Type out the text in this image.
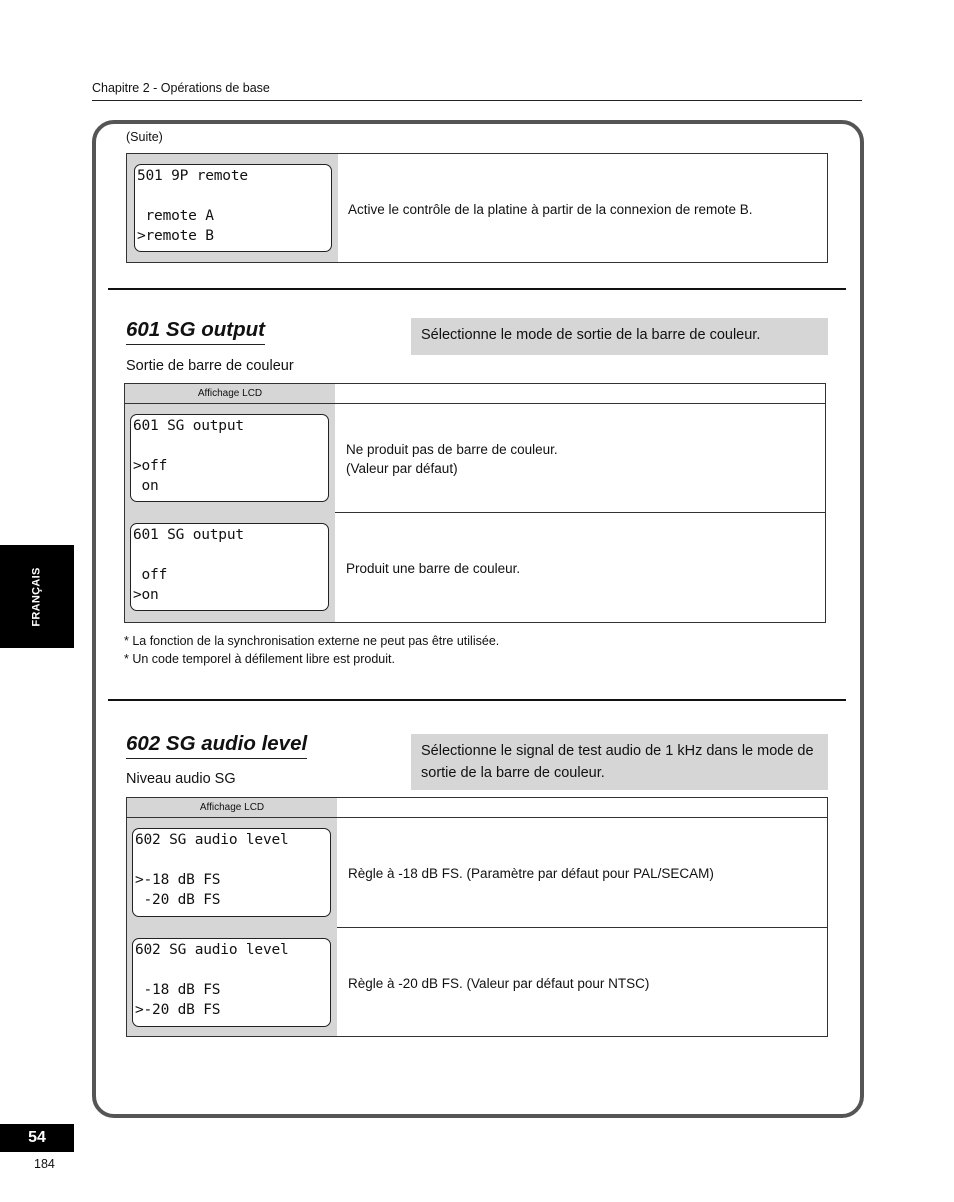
Chapitre 2 - Opérations de base
(Suite)
501 9P remote

remote A
>remote B
Active le contrôle de la platine à partir de la connexion de remote B.
601 SG output	Sélectionne le mode de sortie de la barre de couleur.
Sortie de barre de couleur
Affichage LCD
601 SG output

>off
on
Ne produit pas de barre de couleur.
(Valeur par défaut)
601 SG output

off
>on
Produit une barre de couleur.
* La fonction de la synchronisation externe ne peut pas être utilisée.
* Un code temporel à défilement libre est produit.
602 SG audio level	Sélectionne le signal de test audio de 1 kHz dans le mode de sortie de la barre de couleur.
Niveau audio SG
Affichage LCD
602 SG audio level

>-18 dB FS
-20 dB FS
Règle à -18 dB FS. (Paramètre par défaut pour PAL/SECAM)
602 SG audio level

-18 dB FS
>-20 dB FS
Règle à -20 dB FS. (Valeur par défaut pour NTSC)
FRANÇAIS
54
184
